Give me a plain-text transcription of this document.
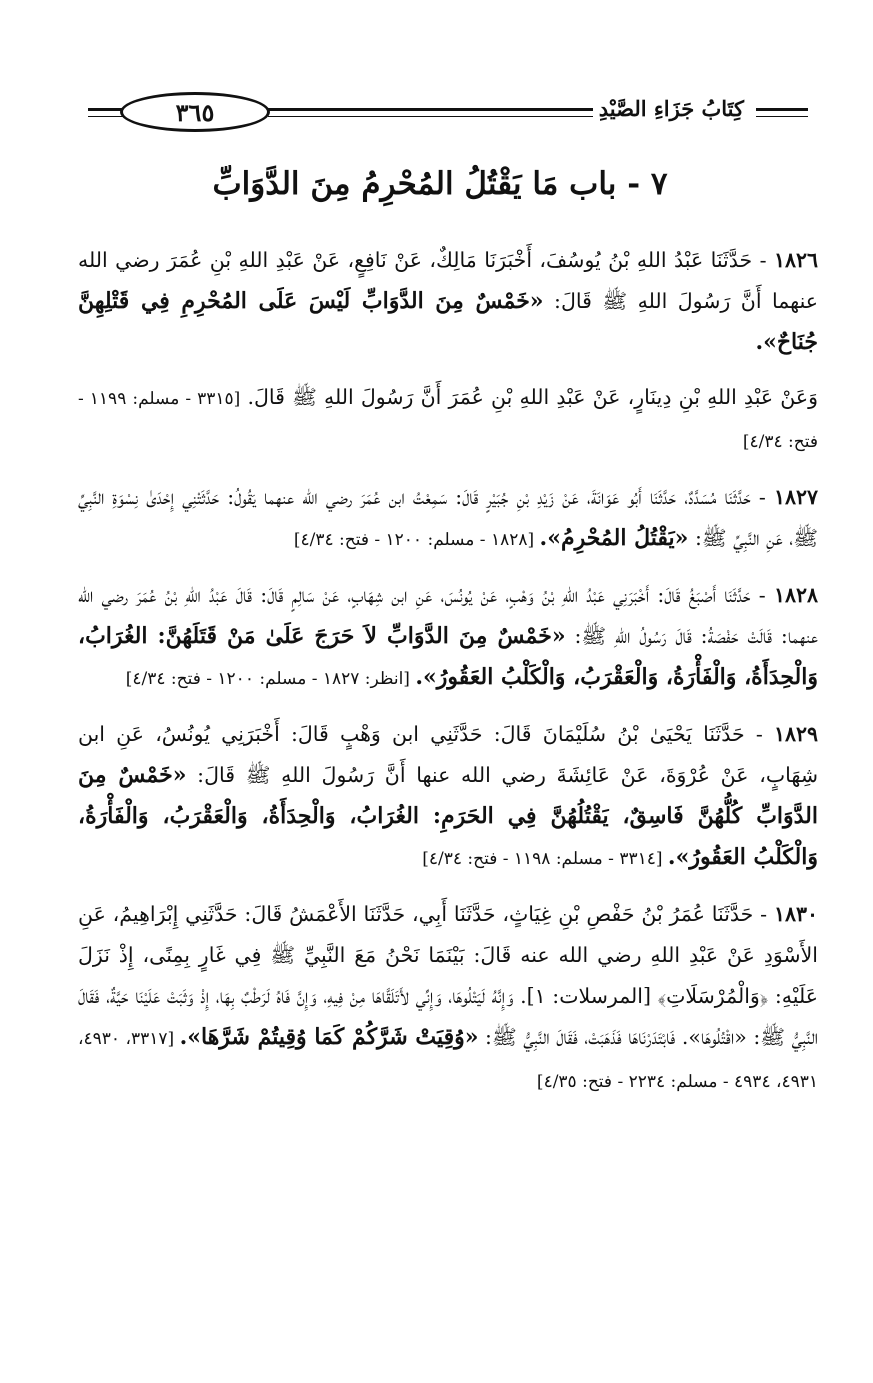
٣٦٥	كِتَابُ جَزَاءِ الصَّيْدِ
٧ - باب مَا يَقْتُلُ المُحْرِمُ مِنَ الدَّوَابِّ

١٨٢٦ - حَدَّثَنَا عَبْدُ اللهِ بْنُ يُوسُفَ، أَخْبَرَنَا مَالِكٌ، عَنْ نَافِعٍ، عَنْ عَبْدِ اللهِ بْنِ عُمَرَ رضي الله عنهما أَنَّ رَسُولَ اللهِ ﷺ قَالَ: «خَمْسٌ مِنَ الدَّوَابِّ لَيْسَ عَلَى المُحْرِمِ فِي قَتْلِهِنَّ جُنَاحٌ».

وَعَنْ عَبْدِ اللهِ بْنِ دِينَارٍ، عَنْ عَبْدِ اللهِ بْنِ عُمَرَ أَنَّ رَسُولَ اللهِ ﷺ قَالَ. [٣٣١٥ - مسلم: ١١٩٩ - فتح: ٤/٣٤]

١٨٢٧ - حَدَّثَنَا مُسَدَّدٌ، حَدَّثَنَا أَبُو عَوَانَةَ، عَنْ زَيْدِ بْنِ جُبَيْرٍ قَالَ: سَمِعْتُ ابن عُمَرَ رضي الله عنهما يَقُولُ: حَدَّثَتْنِي إِحْدَىٰ نِسْوَةِ النَّبِيِّ ﷺ، عَنِ النَّبِيِّ ﷺ: «يَقْتُلُ المُحْرِمُ». [١٨٢٨ - مسلم: ١٢٠٠ - فتح: ٤/٣٤]

١٨٢٨ - حَدَّثَنَا أَصْبَغُ قَالَ: أَخْبَرَنِي عَبْدُ اللهِ بْنُ وَهْبٍ، عَنْ يُونُسَ، عَنِ ابن شِهَابٍ، عَنْ سَالِمٍ قَالَ: قَالَ عَبْدُ اللهِ بْنُ عُمَرَ رضي الله عنهما: قَالَتْ حَفْصَةُ: قَالَ رَسُولُ اللهِ ﷺ: «خَمْسٌ مِنَ الدَّوَابِّ لاَ حَرَجَ عَلَىٰ مَنْ قَتَلَهُنَّ: الغُرَابُ، وَالْحِدَأَةُ، وَالْفَأْرَةُ، وَالْعَقْرَبُ، وَالْكَلْبُ العَقُورُ». [انظر: ١٨٢٧ - مسلم: ١٢٠٠ - فتح: ٤/٣٤]

١٨٢٩ - حَدَّثَنَا يَحْيَىٰ بْنُ سُلَيْمَانَ قَالَ: حَدَّثَنِي ابن وَهْبٍ قَالَ: أَخْبَرَنِي يُونُسُ، عَنِ ابن شِهَابٍ، عَنْ عُرْوَةَ، عَنْ عَائِشَةَ رضي الله عنها أَنَّ رَسُولَ اللهِ ﷺ قَالَ: «خَمْسٌ مِنَ الدَّوَابِّ كُلُّهُنَّ فَاسِقٌ، يَقْتُلُهُنَّ فِي الحَرَمِ: الغُرَابُ، وَالْحِدَأَةُ، وَالْعَقْرَبُ، وَالْفَأْرَةُ، وَالْكَلْبُ العَقُورُ». [٣٣١٤ - مسلم: ١١٩٨ - فتح: ٤/٣٤]

١٨٣٠ - حَدَّثَنَا عُمَرُ بْنُ حَفْصِ بْنِ غِيَاثٍ، حَدَّثَنَا أَبِي، حَدَّثَنَا الأَعْمَشُ قَالَ: حَدَّثَنِي إِبْرَاهِيمُ، عَنِ الأَسْوَدِ عَنْ عَبْدِ اللهِ رضي الله عنه قَالَ: بَيْنَمَا نَحْنُ مَعَ النَّبِيِّ ﷺ فِي غَارٍ بِمِنًى، إِذْ نَزَلَ عَلَيْهِ: ﴿وَالْمُرْسَلَاتِ﴾ [المرسلات: ١]. وَإِنَّهُ لَيَتْلُوهَا، وَإِنِّي لأَتَلَقَّاهَا مِنْ فِيهِ، وَإِنَّ فَاهُ لَرَطْبٌ بِهَا، إِذْ وَثَبَتْ عَلَيْنَا حَيَّةٌ، فَقَالَ النَّبِيُّ ﷺ: «اقْتُلُوهَا». فَابْتَدَرْنَاهَا فَذَهَبَتْ، فَقَالَ النَّبِيُّ ﷺ: «وُقِيَتْ شَرَّكُمْ كَمَا وُقِيتُمْ شَرَّهَا». [٣٣١٧، ٤٩٣٠، ٤٩٣١، ٤٩٣٤ - مسلم: ٢٢٣٤ - فتح: ٤/٣٥]
